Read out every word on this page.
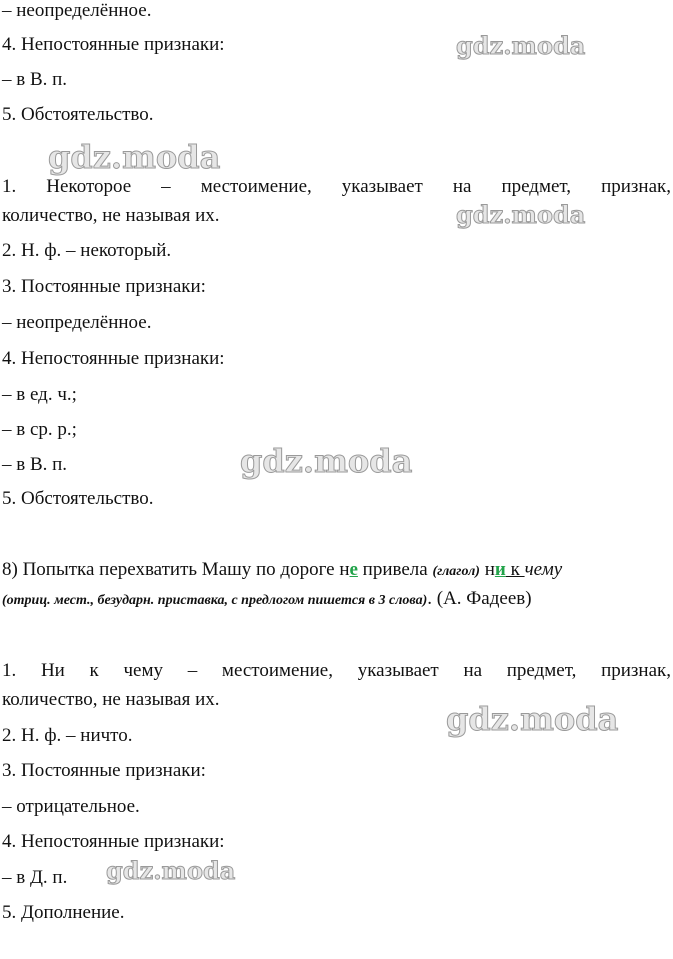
– неопределённое.
4. Непостоянные признаки:
– в В. п.
5. Обстоятельство.
1. Некоторое – местоимение, указывает на предмет, признак,
количество, не называя их.
2. Н. ф. – некоторый.
3. Постоянные признаки:
– неопределённое.
4. Непостоянные признаки:
– в ед. ч.;
– в ср. р.;
– в В. п.
5. Обстоятельство.
8) Попытка перехватить Машу по дороге не привела (глагол) ни к чему
(отриц. мест., безударн. приставка, с предлогом пишется в 3 слова). (А. Фадеев)
1. Ни к чему – местоимение, указывает на предмет, признак,
количество, не называя их.
2. Н. ф. – ничто.
3. Постоянные признаки:
– отрицательное.
4. Непостоянные признаки:
– в Д. п.
5. Дополнение.
gdz.moda
gdz.moda
gdz.moda
gdz.moda
gdz.moda
gdz.moda
